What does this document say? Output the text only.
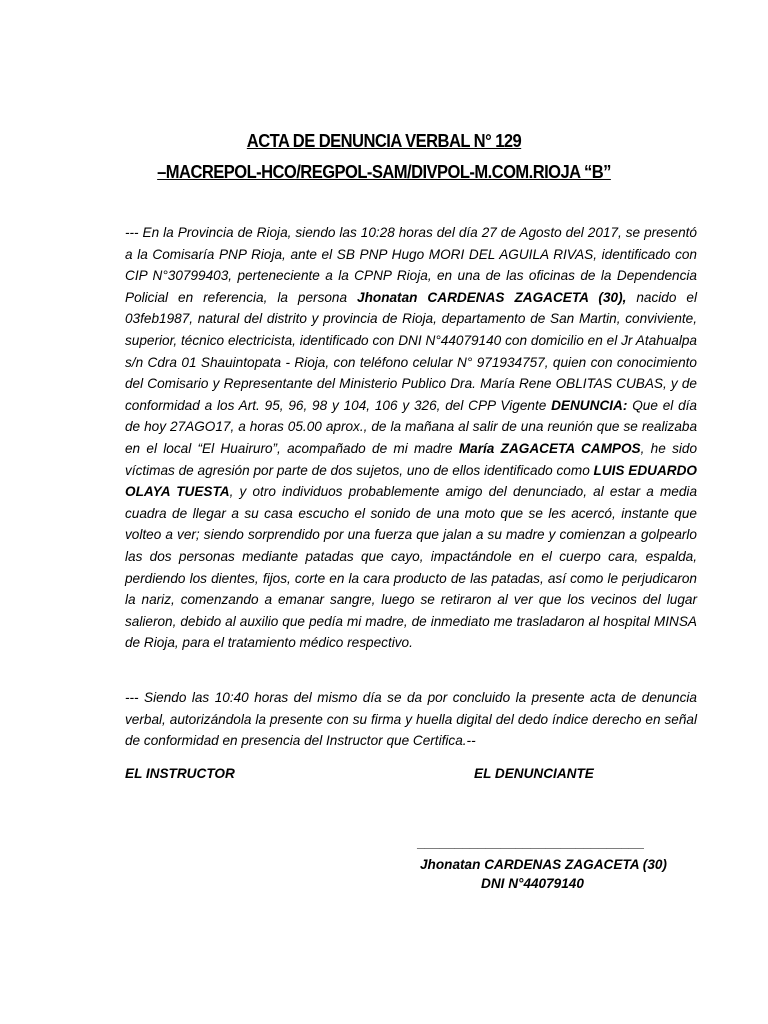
ACTA DE DENUNCIA VERBAL N° 129
–MACREPOL-HCO/REGPOL-SAM/DIVPOL-M.COM.RIOJA “B”
--- En la Provincia de Rioja, siendo las 10:28 horas del día 27 de Agosto del 2017, se presentó a la Comisaría PNP Rioja, ante el SB PNP Hugo MORI DEL AGUILA RIVAS, identificado con CIP N°30799403, perteneciente a la CPNP Rioja, en una de las oficinas de la Dependencia Policial en referencia, la persona Jhonatan CARDENAS ZAGACETA (30), nacido el 03feb1987, natural del distrito y provincia de Rioja, departamento de San Martin, conviviente, superior, técnico electricista, identificado con DNI N°44079140 con domicilio en el Jr Atahualpa s/n Cdra 01 Shauintopata - Rioja, con teléfono celular N° 971934757, quien con conocimiento del Comisario y Representante del Ministerio Publico Dra. María Rene OBLITAS CUBAS, y de conformidad a los Art. 95, 96, 98 y 104, 106 y 326, del CPP Vigente DENUNCIA: Que el día de hoy 27AGO17, a horas 05.00 aprox., de la mañana al salir de una reunión que se realizaba en el local “El Huairuro”, acompañado de mi madre María ZAGACETA CAMPOS, he sido víctimas de agresión por parte de dos sujetos, uno de ellos identificado como LUIS EDUARDO OLAYA TUESTA, y otro individuos probablemente amigo del denunciado, al estar a media cuadra de llegar a su casa escucho el sonido de una moto que se les acercó, instante que volteo a ver; siendo sorprendido por una fuerza que jalan a su madre y comienzan a golpearlo las dos personas mediante patadas que cayo, impactándole en el cuerpo cara, espalda, perdiendo los dientes, fijos, corte en la cara producto de las patadas, así como le perjudicaron la nariz, comenzando a emanar sangre, luego se retiraron al ver que los vecinos del lugar salieron, debido al auxilio que pedía mi madre, de inmediato me trasladaron al hospital MINSA de Rioja, para el tratamiento médico respectivo.
--- Siendo las 10:40 horas del mismo día se da por concluido la presente acta de denuncia verbal, autorizándola la presente con su firma y huella digital del dedo índice derecho en señal de conformidad en presencia del Instructor que Certifica.--
EL INSTRUCTOR	EL DENUNCIANTE
______________________________
Jhonatan CARDENAS ZAGACETA (30)
DNI N°44079140
